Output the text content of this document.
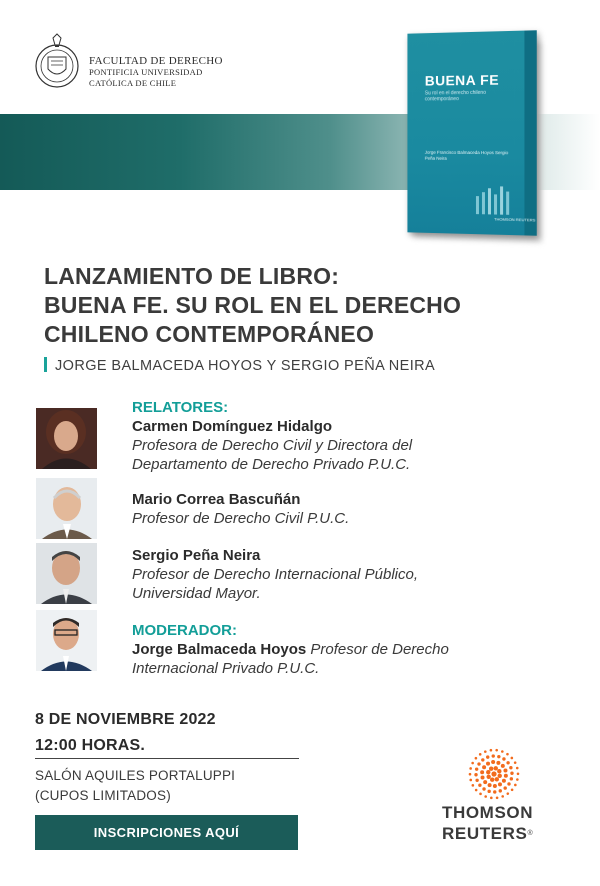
FACULTAD DE DERECHO
PONTIFICIA UNIVERSIDAD
CATÓLICA DE CHILE	BUENA FE
Su rol en el derecho chileno contemporáneo
Jorge Francisco Balmaceda Hoyos Sergio Peña Neira
THOMSON REUTERS
LANZAMIENTO DE LIBRO:
BUENA FE. SU ROL EN EL DERECHO
CHILENO CONTEMPORÁNEO
JORGE BALMACEDA HOYOS Y SERGIO PEÑA NEIRA
RELATORES:
Carmen Domínguez Hidalgo
Profesora de Derecho Civil y Directora del
Departamento de Derecho Privado P.U.C.
Mario Correa Bascuñán
Profesor de Derecho Civil P.U.C.
Sergio Peña Neira
Profesor de Derecho Internacional Público,
Universidad Mayor.
MODERADOR:
Jorge Balmaceda Hoyos Profesor de Derecho
Internacional Privado P.U.C.
8 DE NOVIEMBRE 2022
12:00 HORAS.
SALÓN AQUILES PORTALUPPI
(CUPOS LIMITADOS)
INSCRIPCIONES AQUÍ
THOMSON
REUTERS®
